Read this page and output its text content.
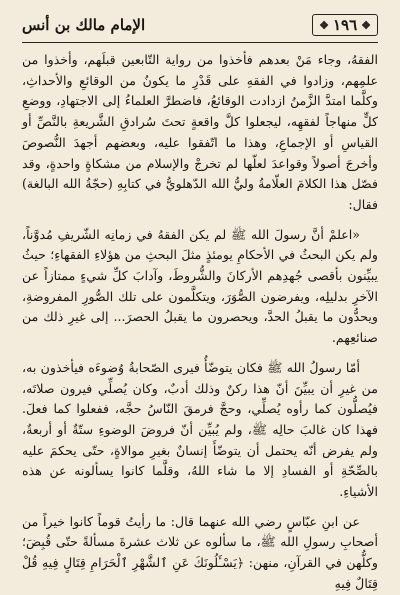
❖ ١٩٦ ❖
الإمام مالك بن أنس

الفقهُ، وجاء مَنْ بعدهم فأخذوا من رواية التّابعين قبلَهم، وأخذوا من علمِهم، وزادوا في الفقهِ على قَدْرِ ما يكونُ من الوقائعِ والأحداثِ، وكلَّما امتدَّ الزَّمنُ ازدادت الوقائعُ، فاضطرَّ العلماءُ إلى الاجتهادِ، ووضعِ كلٍّ منهاجاً لفقهِه، ليجعلوا كلَّ واقعةٍ تحتَ سُرادقِ الشَّريعةِ بالنَّصِّ أو القياسِ أو الإجماعِ، وهذا ما اتّفقوا عليه، وبعضهم أجهدَ النُّصوصَ وأخرجَ أصولاً وقواعدَ لعلّها لم تخرجْ والإسلام من مشكاةٍ واحدةٍ، وقد فصّل هذا الكلامَ العلّامةُ وليُّ الله الدّهلويُّ في كتابِهِ (حجّةُ الله البالغة) فقال:

«اعلمْ أنَّ رسولَ الله ﷺ لم يكن الفقهُ في زمانِه الشّريفِ مُدوَّناً، ولم يكن البحثُ في الأحكامِ يومئذٍ مثلَ البحثِ من هؤلاءِ الفقهاءِ؛ حيثُ يبيِّنون بأقصى جُهدِهم الأركانَ والشُّروطَ، وآدابَ كلِّ شيءٍ ممتازاً عن الآخرِ بدليلِه، ويفرضون الصُّوَرَ، ويتكلَّمون على تلك الصُّورِ المفروضةِ، ويحدُّون ما يقبلُ الحدَّ، ويحصرون ما يقبلُ الحصرَ... إلى غيرِ ذلك من صنائعِهم.

أمّا رسولُ الله ﷺ فكان يتوضّأُ فيرى الصّحابةُ وُضوءَه فيأخذون به، من غيرِ أن يبيِّنَ أنّ هذا ركنٌ وذلك أدبٌ، وكان يُصلِّي فيرون صلاتَه، فيُصلُّون كما رأوه يُصلِّي، وحجَّ فرمقَ النّاسُ حجَّه، ففعلوا كما فعلَ. فهذا كان غالبَ حالِه ﷺ، ولم يُبيِّن أنّ فروضَ الوضوءِ ستّةٌ أو أربعةٌ، ولم يفرض أنّه يحتمل أن يتوضّأَ إنسانٌ بغيرِ موالاةٍ، حتّى يحكمَ عليه بالصِّحّةِ أو الفسادِ إلا ما شاء اللهُ، وقلَّما كانوا يسألونه عن هذه الأشياءِ.

عن ابنِ عبّاسٍ رضي الله عنهما قال: ما رأيتُ قوماً كانوا خيراً من أصحابِ رسولِ الله ﷺ، ما سألوه عن ثلاث عشرةَ مسألةً حتّى قُبِضَ؛ وكلُّهن في القرآنِ، منهن: ﴿يَسْـَٔلُونَكَ عَنِ ٱلشَّهْرِ ٱلْحَرَامِ قِتَالٍ فِيهِ قُلْ قِتَالٌ فِيهِ
